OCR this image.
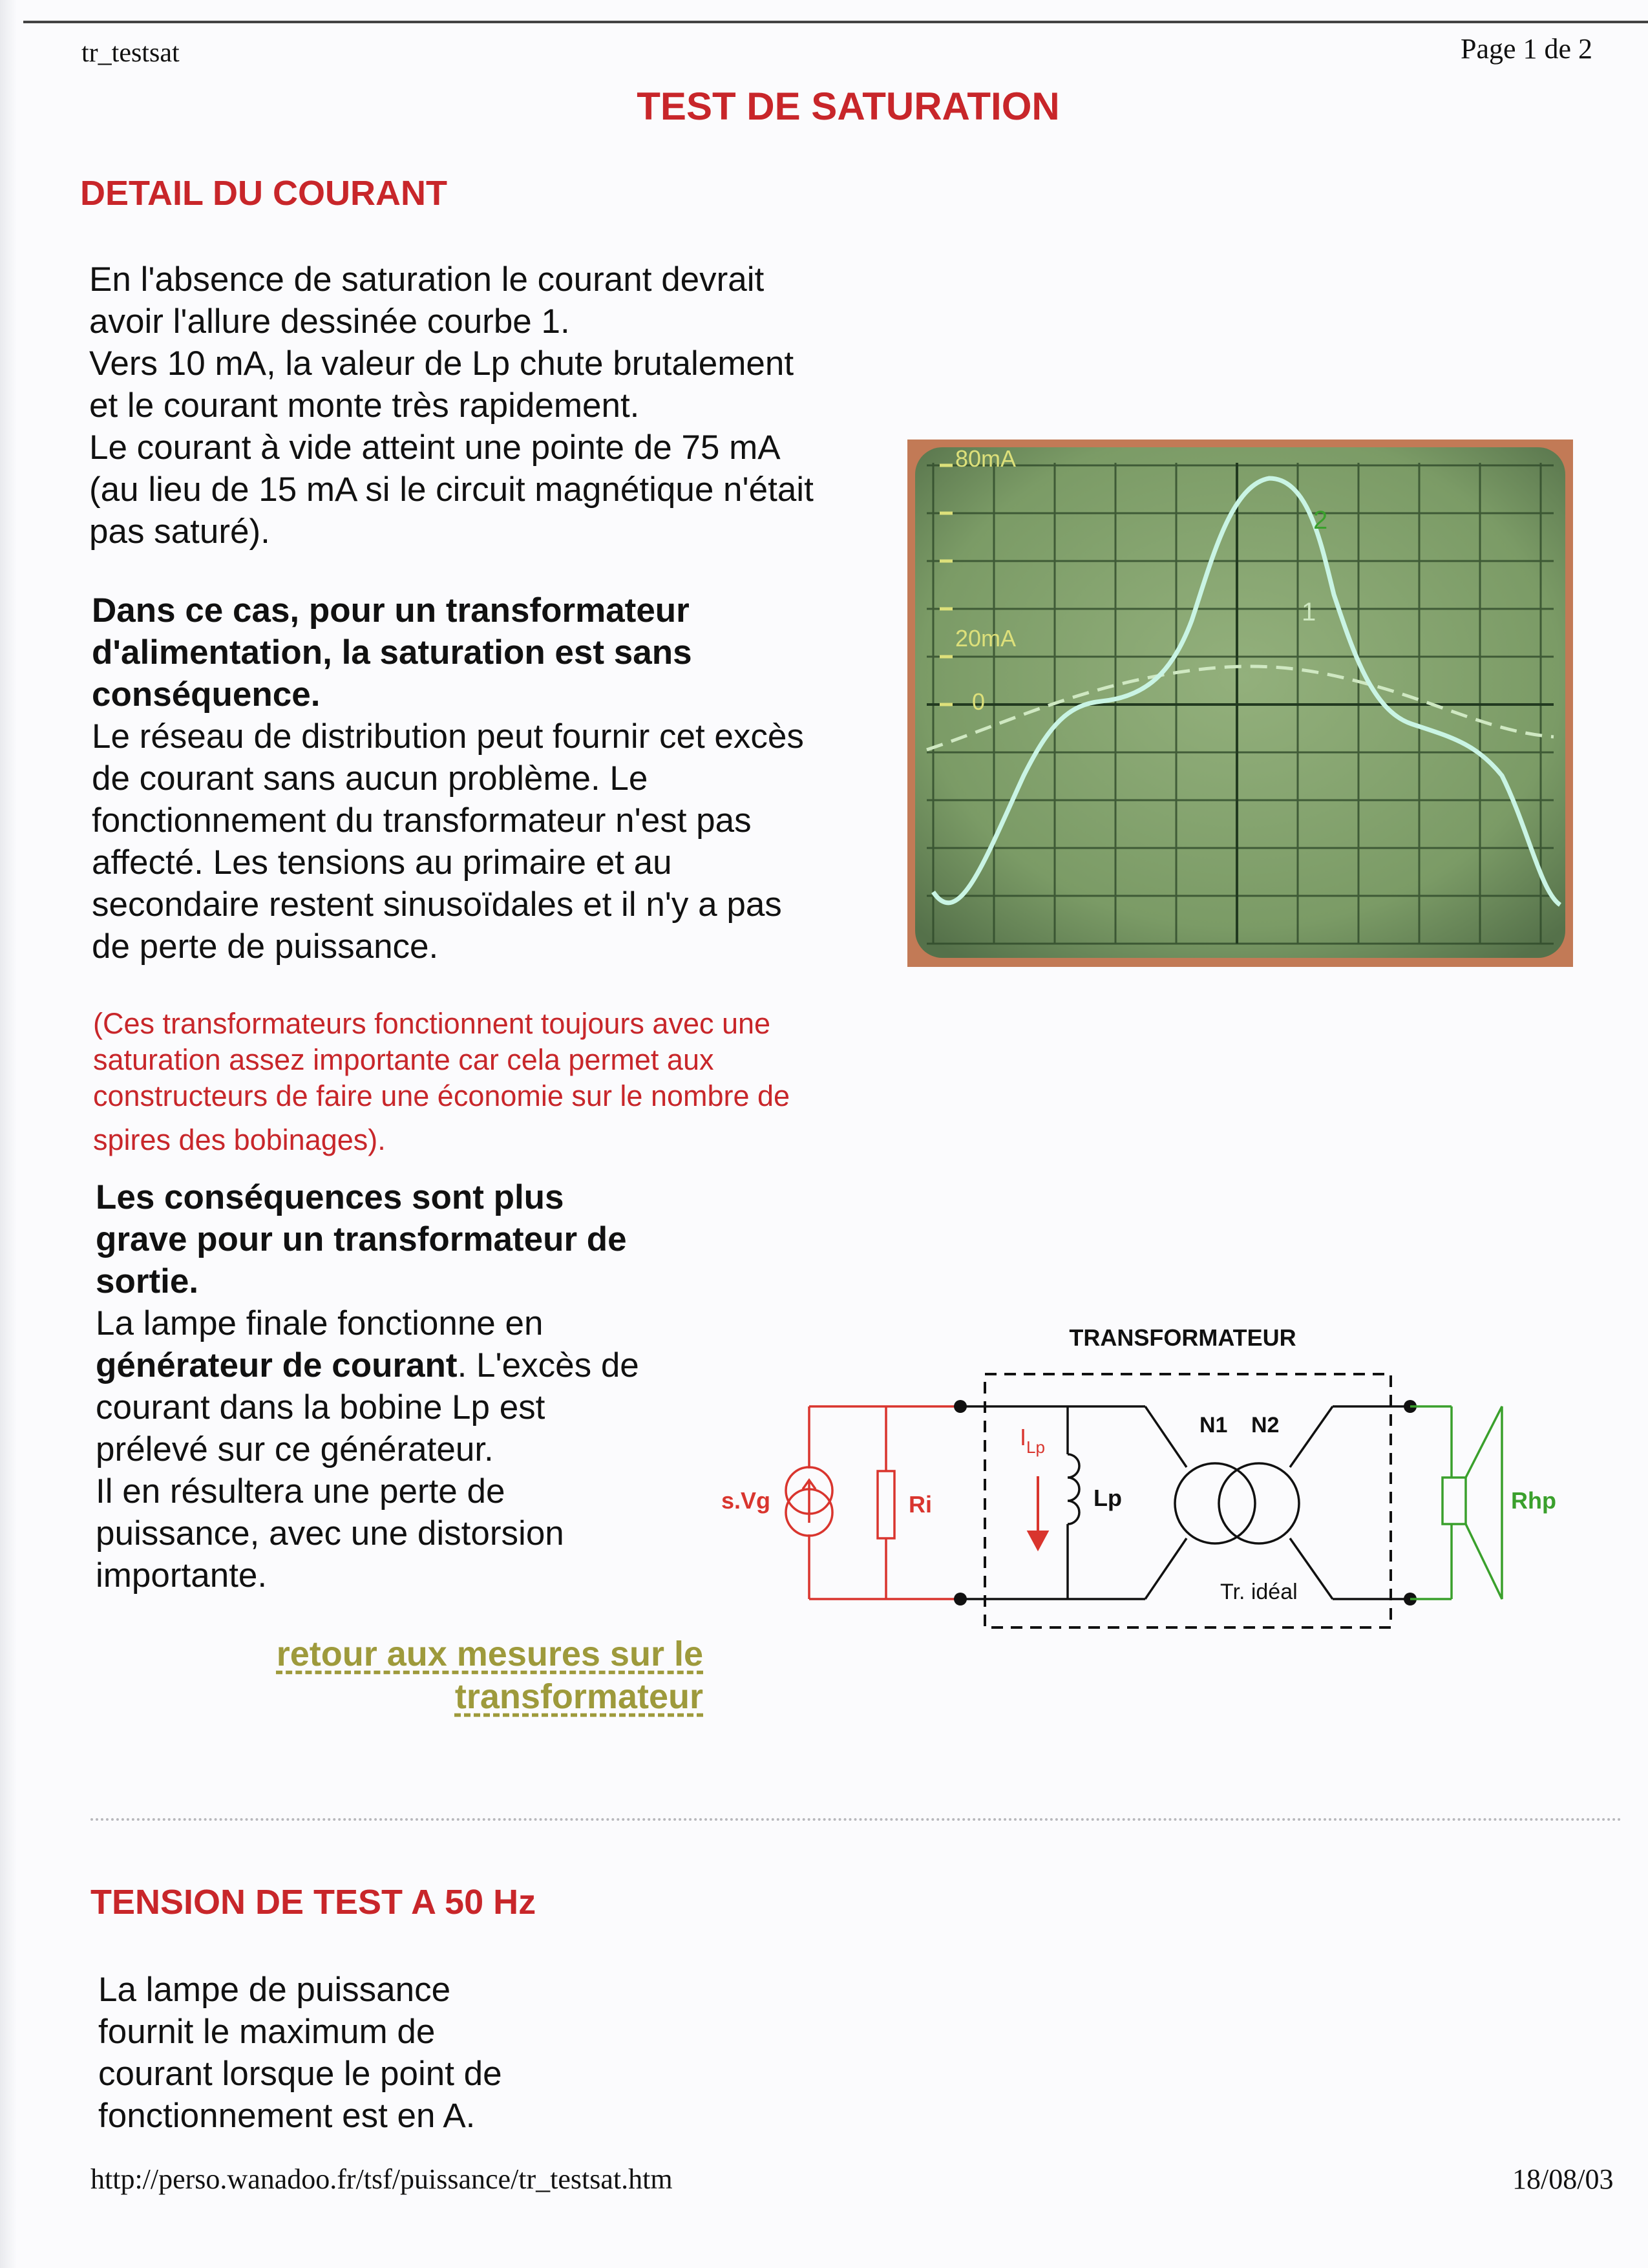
tr_testsat	Page 1 de 2
TEST DE SATURATION
DETAIL DU COURANT

En l'absence de saturation le courant devrait

avoir l'allure dessinée courbe 1.

Vers 10 mA, la valeur de Lp chute brutalement

et le courant monte très rapidement.

Le courant à vide atteint une pointe de 75 mA

(au lieu de 15 mA si le circuit magnétique n'était

pas saturé).

Dans ce cas, pour un transformateur

d'alimentation, la saturation est sans

conséquence.

Le réseau de distribution peut fournir cet excès

de courant sans aucun problème. Le

fonctionnement du transformateur n'est pas

affecté. Les tensions au primaire et au

secondaire restent sinusoïdales et il n'y a pas

de perte de puissance.

(Ces transformateurs fonctionnent toujours avec une
saturation assez importante car cela permet aux
constructeurs de faire une économie sur le nombre de
spires des bobinages).

Les conséquences sont plus

grave pour un transformateur de

sortie.

La lampe finale fonctionne en

générateur de courant. L'excès de

courant dans la bobine Lp est

prélevé sur ce générateur.

Il en résultera une perte de

puissance, avec une distorsion

importante.

retour aux mesures sur le
transformateur
80mA
20mA
0
1
2
TRANSFORMATEUR
s.Vg	Ri
N1
Tr. idéal
N2
Lp
$I_{Lp}$
Rhp
TENSION DE TEST A 50 Hz

La lampe de puissance

fournit le maximum de

courant lorsque le point de

fonctionnement est en A.

http://perso.wanadoo.fr/tsf/puissance/tr_testsat.htm	18/08/03
